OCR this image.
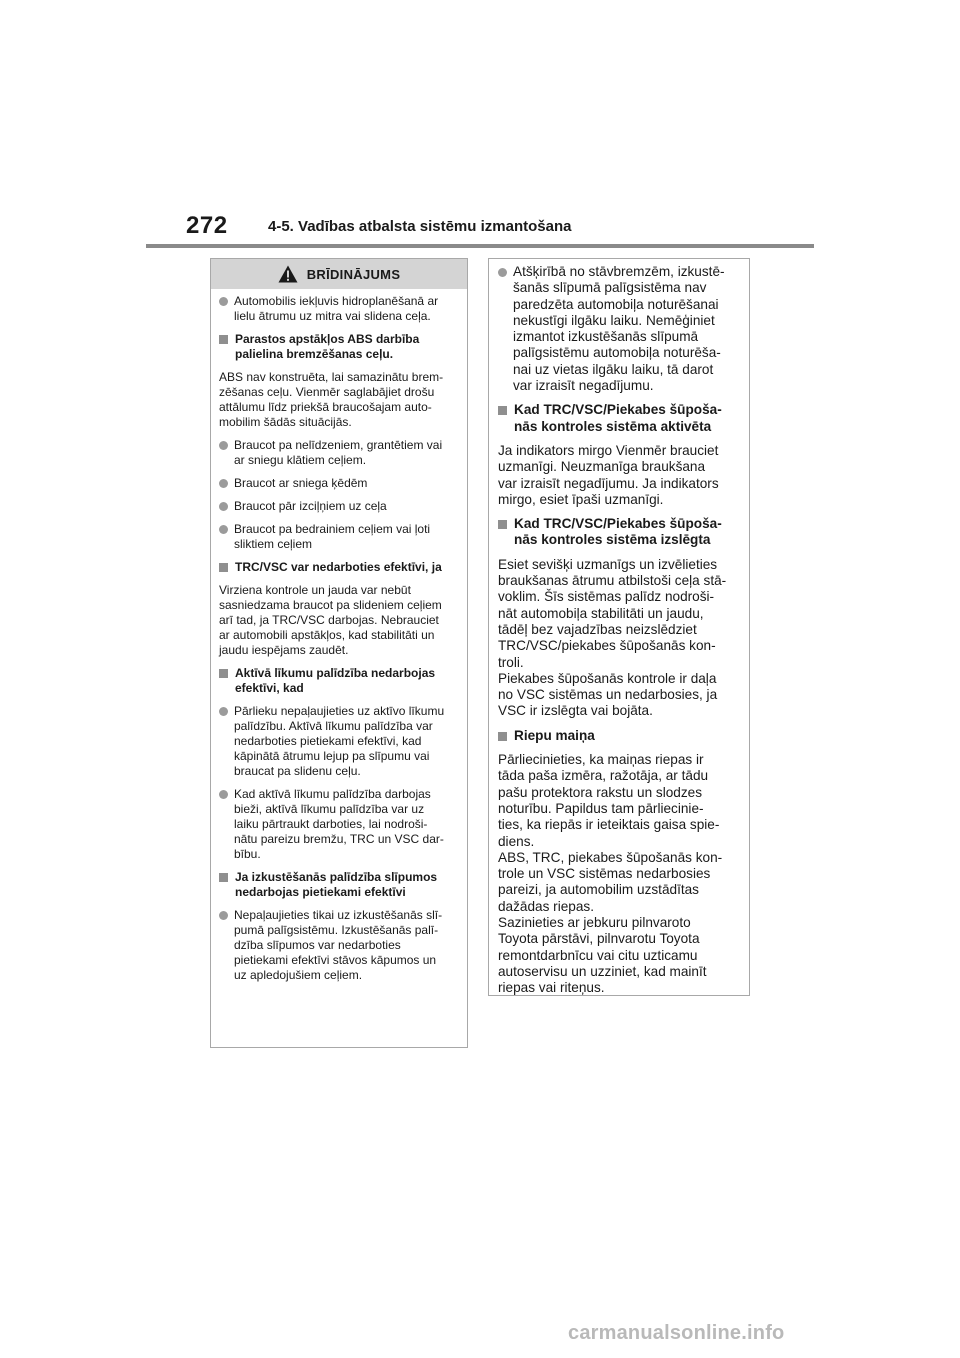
272	4-5. Vadības atbalsta sistēmu izmantošana
BRĪDINĀJUMS
Automobilis iekļuvis hidroplanēšanā ar
lielu ātrumu uz mitra vai slidena ceļa.
Parastos apstākļos ABS darbība
palielina bremzēšanas ceļu.
ABS nav konstruēta, lai samazinātu brem-
zēšanas ceļu. Vienmēr saglabājiet drošu
attālumu līdz priekšā braucošajam auto-
mobilim šādās situācijās.
Braucot pa nelīdzeniem, grantētiem vai
ar sniegu klātiem ceļiem.
Braucot ar sniega ķēdēm
Braucot pār izciļņiem uz ceļa
Braucot pa bedrainiem ceļiem vai ļoti
sliktiem ceļiem
TRC/VSC var nedarboties efektīvi, ja
Virziena kontrole un jauda var nebūt
sasniedzama braucot pa slideniem ceļiem
arī tad, ja TRC/VSC darbojas. Nebrauciet
ar automobili apstākļos, kad stabilitāti un
jaudu iespējams zaudēt.
Aktīvā līkumu palīdzība nedarbojas
efektīvi, kad
Pārlieku nepaļaujieties uz aktīvo līkumu
palīdzību. Aktīvā līkumu palīdzība var
nedarboties pietiekami efektīvi, kad
kāpinātā ātrumu lejup pa slīpumu vai
braucat pa slidenu ceļu.
Kad aktīvā līkumu palīdzība darbojas
bieži, aktīvā līkumu palīdzība var uz
laiku pārtraukt darboties, lai nodroši-
nātu pareizu bremžu, TRC un VSC dar-
bību.
Ja izkustēšanās palīdzība slīpumos
nedarbojas pietiekami efektīvi
Nepaļaujieties tikai uz izkustēšanās slī-
pumā palīgsistēmu. Izkustēšanās palī-
dzība slīpumos var nedarboties
pietiekami efektīvi stāvos kāpumos un
uz apledojušiem ceļiem.
Atšķirībā no stāvbremzēm, izkustē-
šanās slīpumā palīgsistēma nav
paredzēta automobiļa noturēšanai
nekustīgi ilgāku laiku. Nemēģiniet
izmantot izkustēšanās slīpumā
palīgsistēmu automobiļa noturēša-
nai uz vietas ilgāku laiku, tā darot
var izraisīt negadījumu.
Kad TRC/VSC/Piekabes šūpoša-
nās kontroles sistēma aktivēta
Ja indikators mirgo Vienmēr brauciet
uzmanīgi. Neuzmanīga braukšana
var izraisīt negadījumu. Ja indikators
mirgo, esiet īpaši uzmanīgi.
Kad TRC/VSC/Piekabes šūpoša-
nās kontroles sistēma izslēgta
Esiet sevišķi uzmanīgs un izvēlieties
braukšanas ātrumu atbilstoši ceļa stā-
voklim. Šīs sistēmas palīdz nodroši-
nāt automobiļa stabilitāti un jaudu,
tādēļ bez vajadzības neizslēdziet
TRC/VSC/piekabes šūpošanās kon-
troli.
Piekabes šūpošanās kontrole ir daļa
no VSC sistēmas un nedarbosies, ja
VSC ir izslēgta vai bojāta.
Riepu maiņa
Pārliecinieties, ka maiņas riepas ir
tāda paša izmēra, ražotāja, ar tādu
pašu protektora rakstu un slodzes
noturību. Papildus tam pārliecinie-
ties, ka riepās ir ieteiktais gaisa spie-
diens.
ABS, TRC, piekabes šūpošanās kon-
trole un VSC sistēmas nedarbosies
pareizi, ja automobilim uzstādītas
dažādas riepas.
Sazinieties ar jebkuru pilnvaroto
Toyota pārstāvi, pilnvarotu Toyota
remontdarbnīcu vai citu uzticamu
autoservisu un uzziniet, kad mainīt
riepas vai riteņus.
carmanualsonline.info
